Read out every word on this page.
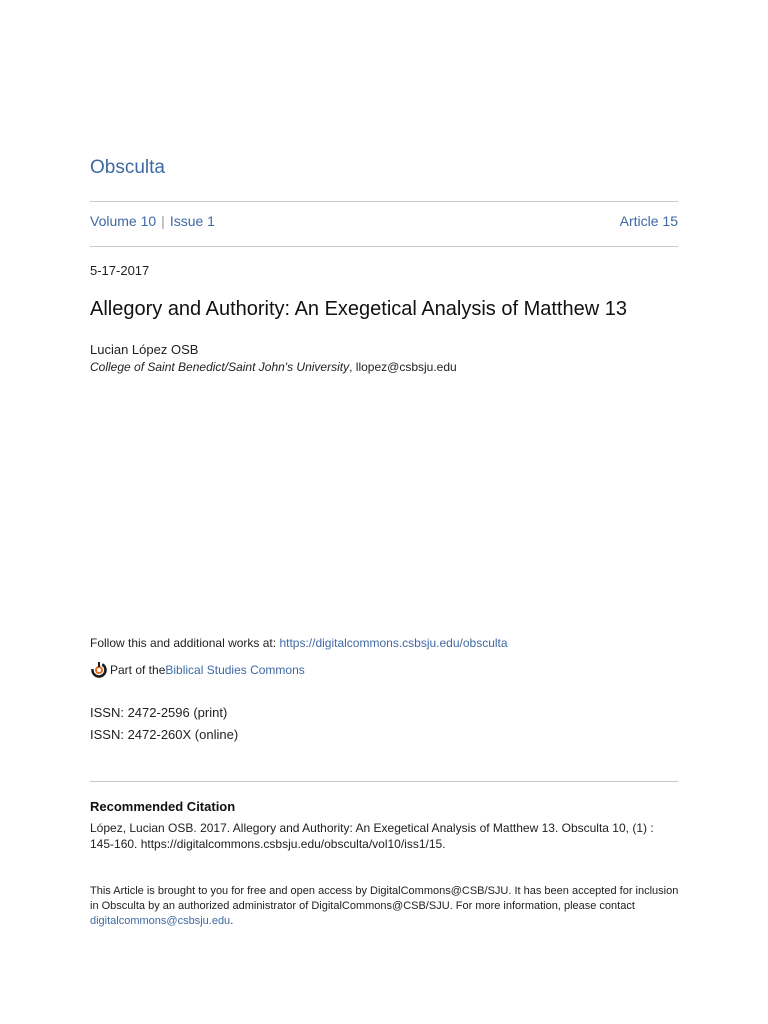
Obsculta
Volume 10 | Issue 1	Article 15
5-17-2017
Allegory and Authority: An Exegetical Analysis of Matthew 13
Lucian López OSB
College of Saint Benedict/Saint John's University, llopez@csbsju.edu
Follow this and additional works at: https://digitalcommons.csbsju.edu/obsculta
Part of the Biblical Studies Commons
ISSN: 2472-2596 (print)
ISSN: 2472-260X (online)
Recommended Citation
López, Lucian OSB. 2017. Allegory and Authority: An Exegetical Analysis of Matthew 13. Obsculta 10, (1) : 145-160. https://digitalcommons.csbsju.edu/obsculta/vol10/iss1/15.
This Article is brought to you for free and open access by DigitalCommons@CSB/SJU. It has been accepted for inclusion in Obsculta by an authorized administrator of DigitalCommons@CSB/SJU. For more information, please contact digitalcommons@csbsju.edu.
